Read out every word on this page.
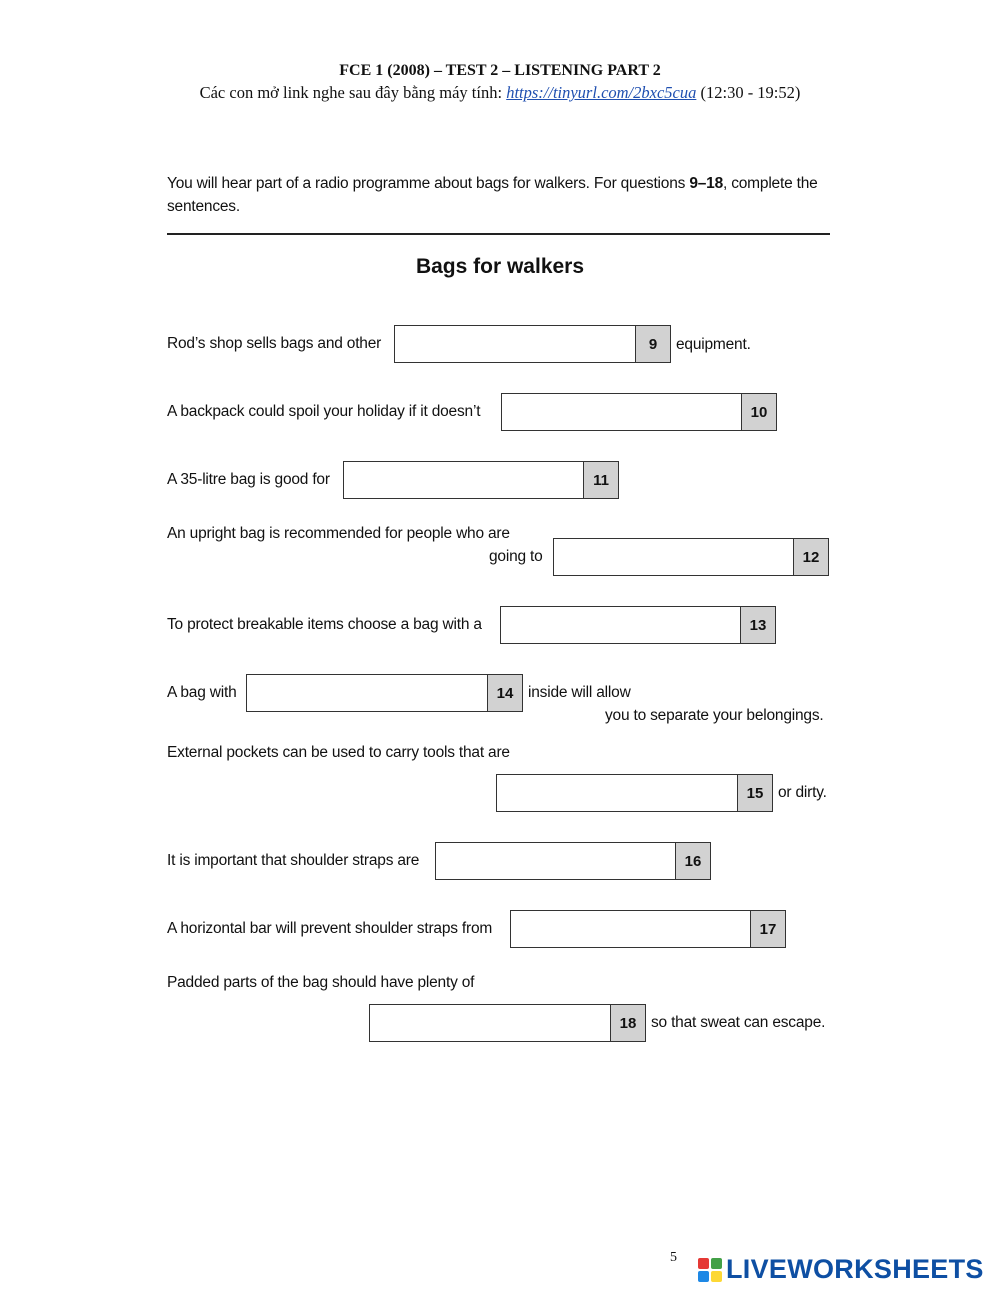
FCE 1 (2008) – TEST 2 – LISTENING PART 2
Các con mở link nghe sau đây bằng máy tính: https://tinyurl.com/2bxc5cua (12:30 - 19:52)
You will hear part of a radio programme about bags for walkers. For questions 9–18, complete the sentences.
Bags for walkers
Rod’s shop sells bags and other	9	equipment.
A backpack could spoil your holiday if it doesn’t	10
A 35-litre bag is good for	11
An upright bag is recommended for people who are
going to	12
To protect breakable items choose a bag with a	13
A bag with	14 inside will allow
you to separate your belongings.
External pockets can be used to carry tools that are
15 or dirty.
It is important that shoulder straps are	16
A horizontal bar will prevent shoulder straps from	17
Padded parts of the bag should have plenty of
18 so that sweat can escape.
5 LIVEWORKSHEETS
